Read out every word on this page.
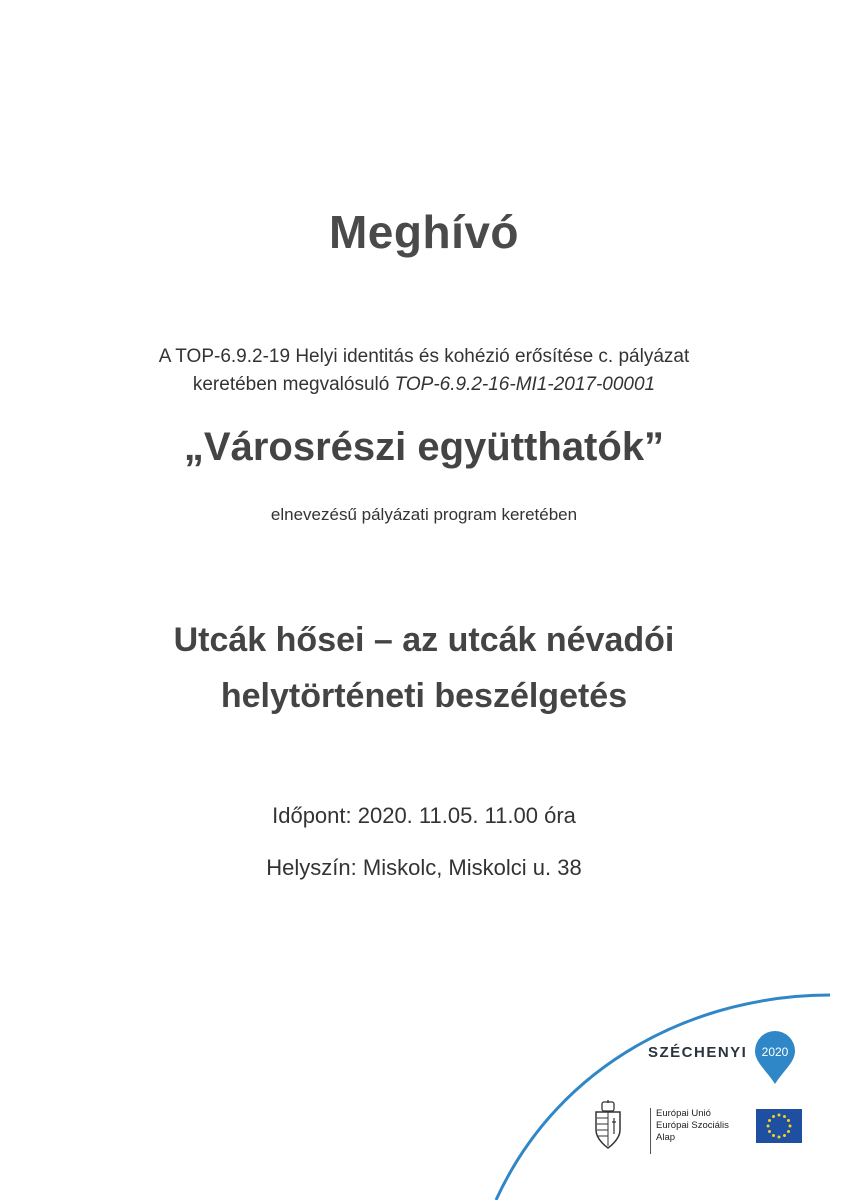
Meghívó
A TOP-6.9.2-19 Helyi identitás és kohézió erősítése c. pályázat
keretében megvalósuló TOP-6.9.2-16-MI1-2017-00001
„Városrészi együtthatók”
elnevezésű pályázati program keretében
Utcák hősei – az utcák névadói
helytörténeti beszélgetés
Időpont: 2020. 11.05. 11.00 óra
Helyszín: Miskolc, Miskolci u. 38
SZÉCHENYI 2020
Európai Unió
Európai Szociális
Alap
